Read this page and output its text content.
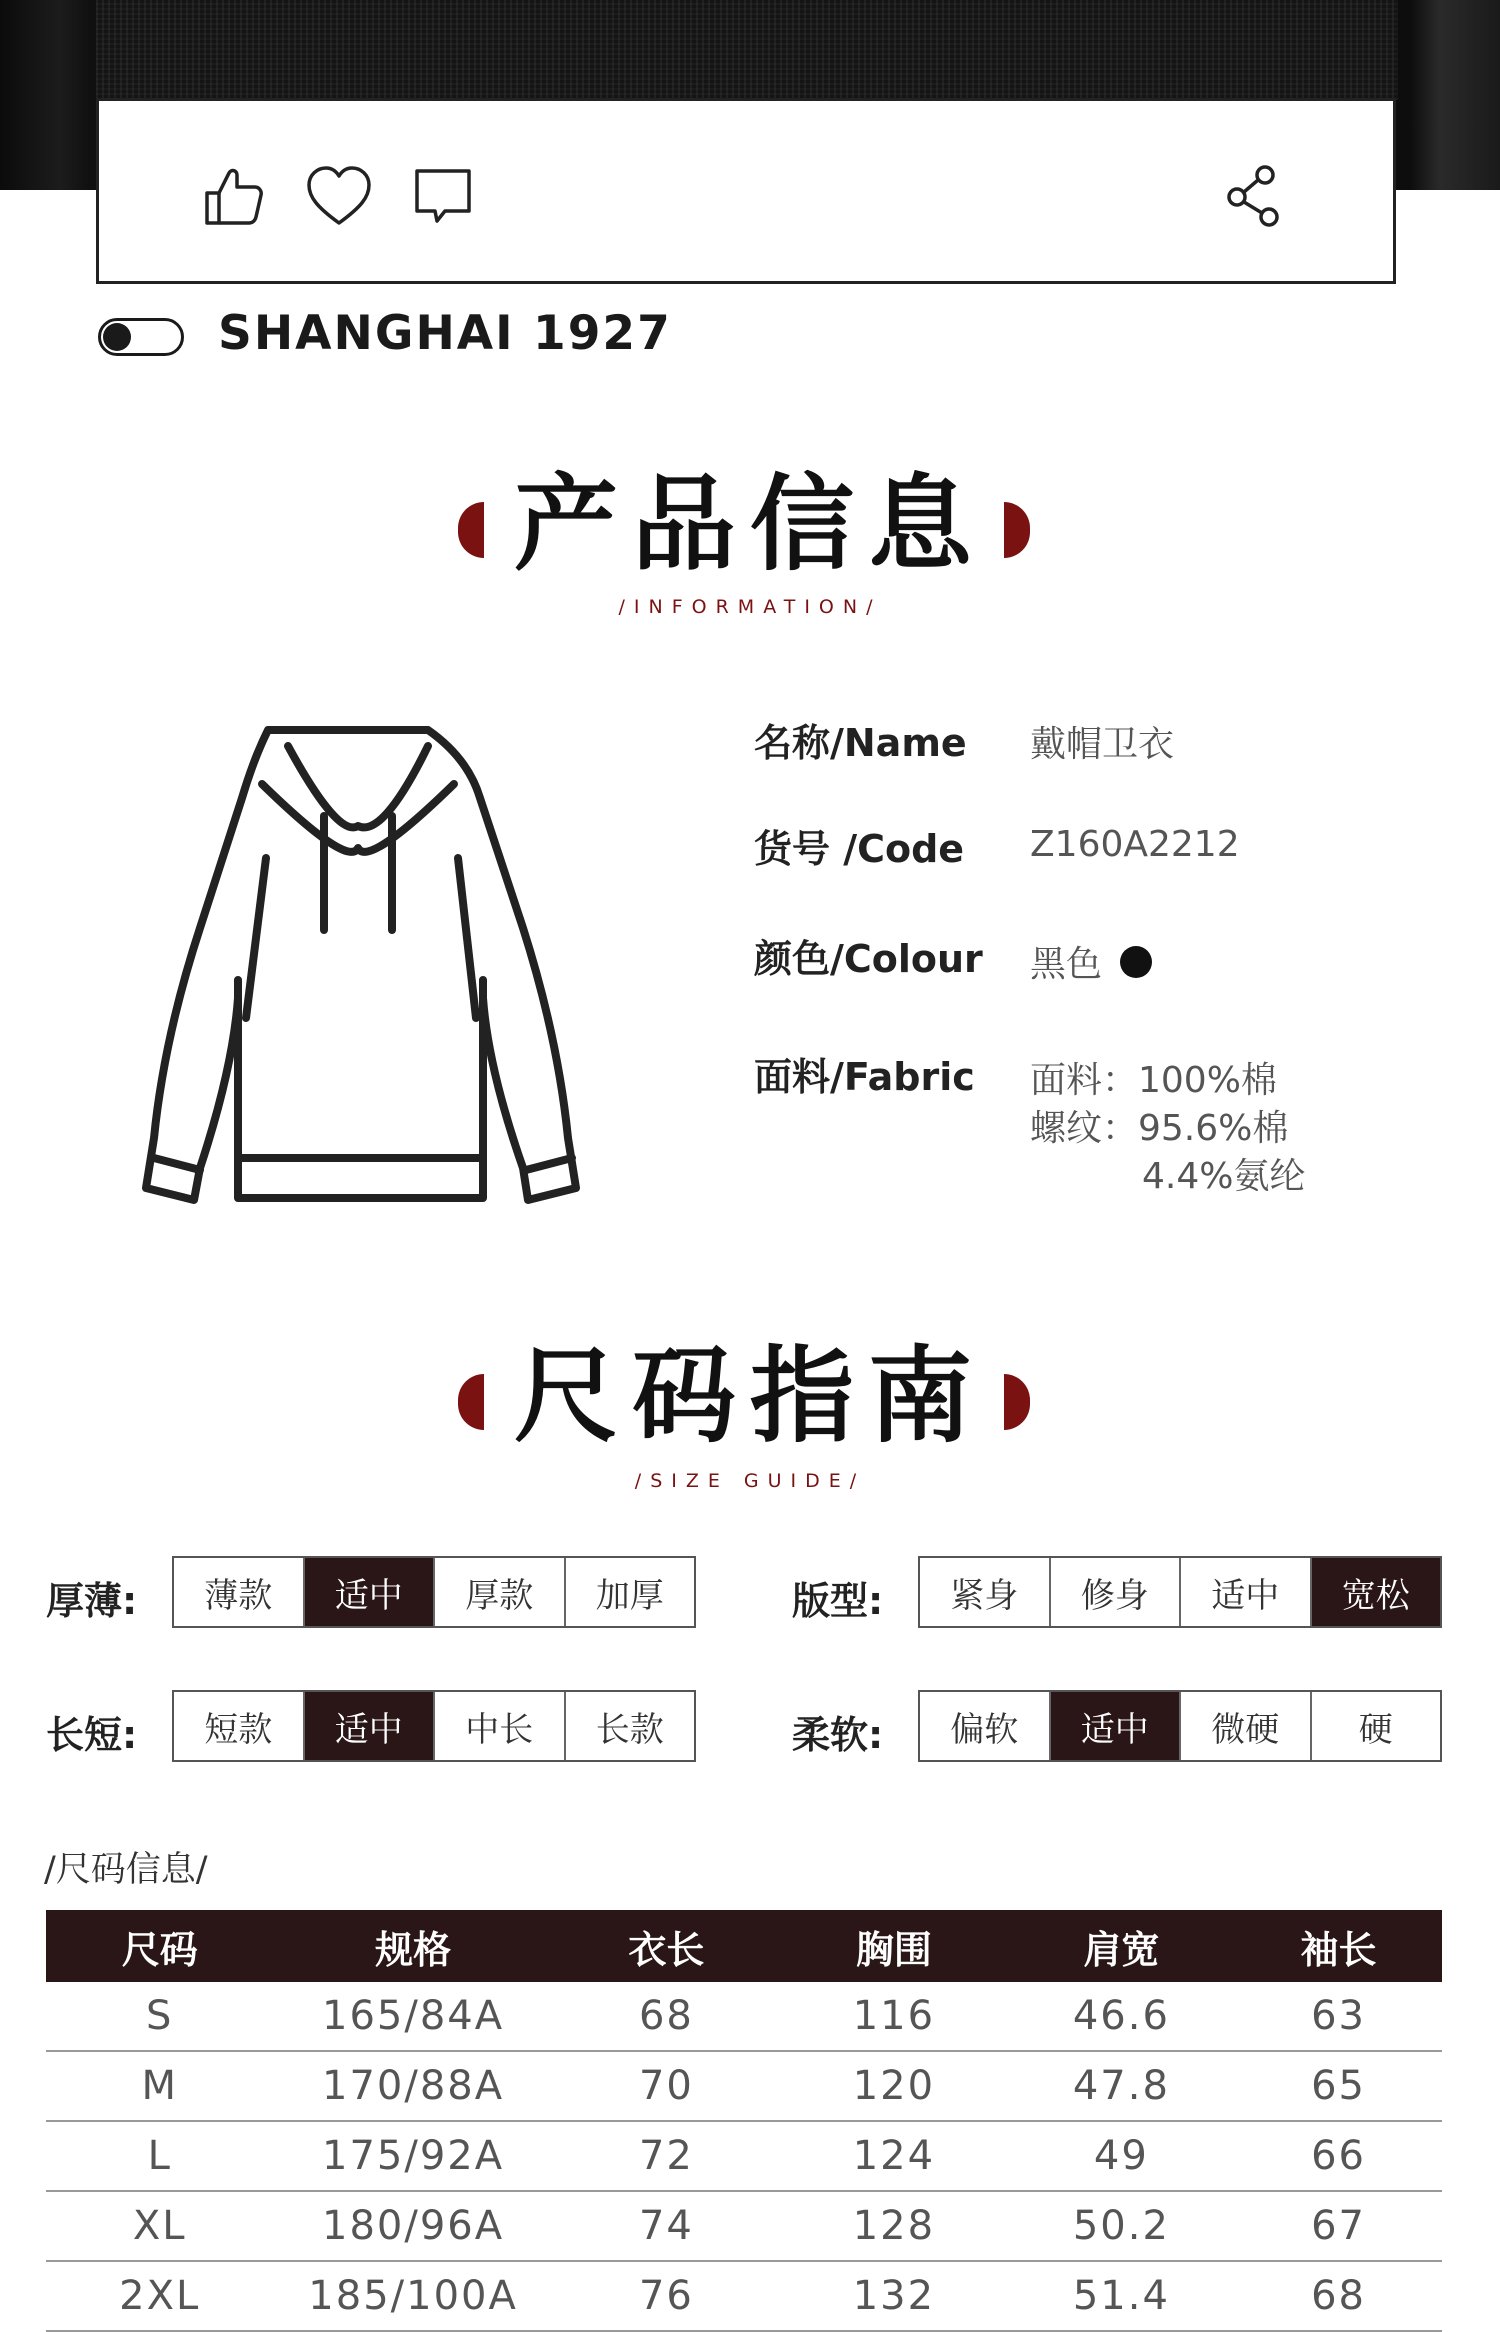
SHANGHAI 1927
产品信息
/INFORMATION/
名称/Name 戴帽卫衣
货号 /Code Z160A2212
颜色/Colour 黑色
面料/Fabric 面料：100%棉
螺纹：95.6%棉
4.4%氨纶
尺码指南
/SIZE GUIDE/
厚薄:	薄款	适中	厚款	加厚	版型:	紧身	修身	适中	宽松
长短:	短款	适中	中长	长款	柔软:	偏软	适中	微硬	硬
/尺码信息/
尺码	规格	衣长	胸围	肩宽	袖长
S	165/84A	68	116	46.6	63
M	170/88A	70	120	47.8	65
L	175/92A	72	124	49	66
XL	180/96A	74	128	50.2	67
2XL	185/100A	76	132	51.4	68
